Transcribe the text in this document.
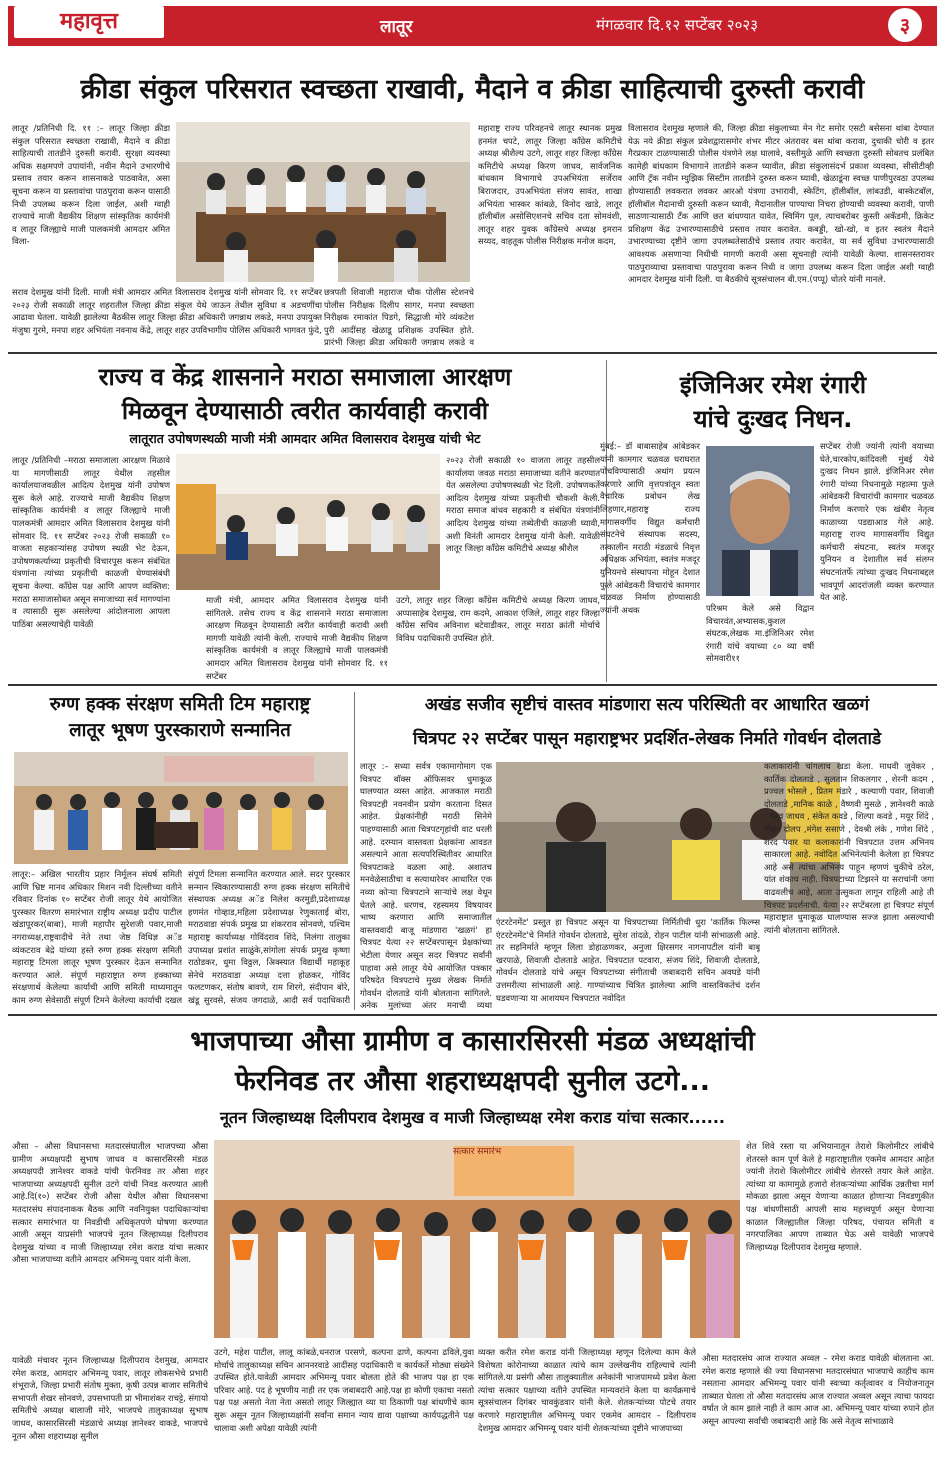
महावृत्त	लातूर	मंगळवार दि.१२ सप्टेंबर २०२३	३
क्रीडा संकुल परिसरात स्वच्छता राखावी, मैदाने व क्रीडा साहित्याची दुरुस्ती करावी
लातूर /प्रतिनिधी दि. ११ :– लातूर जिल्हा क्रीडा संकुल परिसरात स्वच्छता राखावी, मैदाने व क्रीडा साहित्याची तातडीने दुरुस्ती करावी. सुरक्षा व्यवस्था अधिक सक्षमपणे उपायांनी, नवीन मैदाने उभारणीचे प्रस्ताव तयार करून शासनाकडे पाठवावेत, असा सूचना करून या प्रस्तावांचा पाठपुरावा करून यासाठी निधी उपलब्ध करून दिला जाईल, अशी ग्वाही राज्याचे माजी वैद्यकीय शिक्षण सांस्कृतिक कार्यमंत्री व लातूर जिल्ह्याचे माजी पालकमंत्री आमदार अमित विला-
सराव देशमुख यांनी दिली. माजी मंत्री आमदार अमित विलासराव देशमुख यांनी सोमवार दि. ११ सप्टेंबर २०२३ रोजी सकाळी लातूर शहरातील जिल्हा क्रीडा संकुल येथे जाऊन तेथील सुविधा व अडचणींचा आढावा घेतला. यावेळी झालेल्या बैठकीस लातूर जिल्हा क्रीडा अधिकारी जगन्नाथ लकडे, मनपा उपायुक्त मंजुषा गुरमे, मनपा शहर अभियंता नवनाथ केंद्रे, लातूर शहर उपविभागीय पोलिस अधिकारी भागवत फुंदे,
छत्रपती शिवाजी महाराज चौक पोलीस स्टेशनचे पोलीस निरीक्षक दिलीप सागर, मनपा स्वच्छता निरीक्षक रमाकांत पिडगे, सिद्धाजी मोरे व्यंकटेश पुरी आदींसह खेळाडू प्रशिक्षक उपस्थित होते. प्रारंभी जिल्हा क्रीडा अधिकारी जगन्नाथ लकडे व
महाराष्ट्र राज्य परिवहनचे लातूर स्थानक प्रमुख हनमंत चपटे, लातूर जिल्हा काँग्रेस कमिटीचे अध्यक्ष श्रीशैल्य उटगे, लातूर शहर जिल्हा काँग्रेस कमिटीचे अध्यक्ष किरण जाधव, सार्वजनिक बांधकाम विभागाचे उपअभियंता सर्जेराव बिराजदार, उपअभियंता संजय सावंत, शाखा अभियंता भास्कर कांबळे, विनोद खाडे, लातूर हॉलीबॉल असोसिएशनचे सचिव दता सोमवंशी, लातूर शहर युवक काँग्रेसचे अध्यक्ष इमरान सय्यद, वाहतूक पोलीस निरीक्षक मनोज कदम,
विलासराव देशमुख म्हणाले की, जिल्हा क्रीडा संकुलाच्या मेन गेट समोर एसटी बसेसना थांबा देण्यात येऊ नये क्रीडा संकुल प्रवेशद्वारासमोर शंभर मीटर अंतरावर बस थांबा करावा, दुचाकी चोरी व इतर गैरप्रकार टाळण्यासाठी पोलीस यंत्रणेने लक्ष घालावे, वस्तीमुळे आणि स्वच्छता दुरुस्ती सोबतच प्रलंबित कामेही बांधकाम विभागाने तातडीने करून घ्यावीत, क्रीडा संकुलासंदर्भ प्रकाश व्यवस्था, सीसीटीव्ही आणि ट्रॅक नवीन म्युझिक सिस्टीम तातडीने दुरुस्त करून घ्यावी, खेळाडूंना स्वच्छ पाणीपुरवठा उपलब्ध होण्यासाठी लवकरात लवकर आरओ यंत्रणा उभारावी, स्केटिंग, हॉलीबॉल, लांबउडी, बास्केटबॉल, हॉलीबॉल मैदानाची दुरुस्ती करून घ्यावी, मैदानातील पाण्याचा निचरा होण्याची व्यवस्था करावी, पाणी साठणाऱ्यासाठी टँक आणि छत बांधण्यात यावेत, स्विमिंग पूल, त्याचबरोबर कुस्ती अकॅडमी, क्रिकेट प्रशिक्षण केंद्र उभारण्यासाठीचे प्रस्ताव तयार करावेत. कबड्डी, खो-खो, व इतर स्वतंत्र मैदाने उभारण्याच्या दृष्टीने जागा उपलब्धतेसाठीचे प्रस्ताव तयार करावेत, या सर्व सुविधा उभारण्यासाठी आवश्यक असणाऱ्या निधीची मागणी करावी असा सूचनाही त्यांनी यावेळी केल्या. शासनस्तरावर पाठपुराव्याचा प्रस्तावाचा पाठपुरावा करून निधी व जागा उपलब्ध करून दिला जाईल अशी ग्वाही आमदार देशमुख यांनी दिली. या बैठकीचे सूत्रसंचालन बी.एम.(पप्पू) धोतरे यांनी मानले.
राज्य व केंद्र शासनाने मराठा समाजाला आरक्षण
मिळवून देण्यासाठी त्वरीत कार्यवाही करावी
लातूरात उपोषणस्थळी माजी मंत्री आमदार अमित विलासराव देशमुख यांची भेट
लातूर /प्रतिनिधी –मराठा समाजाला आरक्षण मिळावे या मागणीसाठी लातूर येथील तहसील कार्यालयाजवळील आदित्य देशमुख यांनी उपोषण सुरू केले आहे. राज्याचे माजी वैद्यकीय शिक्षण सांस्कृतिक कार्यमंत्री व लातूर जिल्ह्याचे माजी पालकमंत्री आमदार अमित विलासराव देशमुख यांनी सोमवार दि. ११ सप्टेंबर २०२३ रोजी सकाळी १० वाजता सहकाऱ्यांसह उपोषण स्थळी भेट देऊन, उपोषणकर्त्याच्या प्रकृतीची विचारपूस करून संबंधित यंत्रणांना त्यांच्या प्रकृतीची काळजी घेण्यासंबंधी सूचना केल्या. काँग्रेस पक्ष आणि आपण व्यक्तिश: मराठा समाजासोबत असून समाजाच्या सर्व मागण्यांना व त्यासाठी सुरू असलेल्या आंदोलनाला आपला पाठिंबा असल्याचेही यावेळी
२०२३ रोजी सकाळी १० वाजता लातूर तहसील कार्यालया जवळ मराठा समाजाच्या वतीने करण्यात येत असलेल्या उपोषणस्थळी भेट दिली. उपोषणकर्ते आदित्य देशमुख यांच्या प्रकृतीची चौकशी केली. मराठा समाज बांधव सहकारी व संबंधित यंत्रणांनी आदित्य देशमुख यांच्या तब्येतीची काळजी घ्यावी, अशी विनंती आमदार देशमुख यांनी केली. यावेळी लातूर जिल्हा काँग्रेस कमिटीचे अध्यक्ष श्रीशैल
माजी मंत्री, आमदार अमित विलासराव देशमुख यांनी सांगितले. तसेच राज्य व केंद्र शासनाने मराठा समाजाला आरक्षण मिळवून देण्यासाठी त्वरीत कार्यवाही करावी अशी मागणी यावेळी त्यांनी केली. राज्याचे माजी वैद्यकीय शिक्षण सांस्कृतिक कार्यमंत्री व लातूर जिल्ह्याचे माजी पालकमंत्री आमदार अमित विलासराव देशमुख यांनी सोमवार दि. ११ सप्टेंबर
उटगे, लातूर शहर जिल्हा काँग्रेस कमिटीचे अध्यक्ष किरण जाधव, अप्पासाहेब देशमुख, राम कदमे, आकाश एंजिले, लातूर शहर जिल्हा काँग्रेस सचिव अविनाश बटेवाडीकर, लातूर मराठा क्रांती मोर्चाचे विविध पदाधिकारी उपस्थित होते.
इंजिनिअर रमेश रंगारी
यांचे दुःखद निधन.
मुंबई:– डॉ बाबासाहेब आंबेडकर यांनी कामगार चळवळ घराघरात पोचविण्यासाठी अथांग प्रयत्न करणारे आणि वृत्तपत्रांतून स्वतः वैचारिक प्रबोधन लेख लिहणार,महाराष्ट्र राज्य मागासवर्गीय विद्युत कर्मचारी संघटनेचे संस्थापक सदस्य, तत्कालीन मराठी मंडळाचे निवृत्त अधिक्षक अभियंता, स्वतंत्र मजदूर युनियनचे संस्थापना मोहून देशात फुले आंबेडकरी विचारांचे कामगार चळवळ निर्माण होण्यासाठी ज्यांनी अथक	परिश्रम केले असे विद्वान विचारवंत,अभ्यासक,कुशल संघटक,लेखक मा.इंजिनिअर रमेश रंगारी यांचे वयाच्या ८० व्या वर्षी सोमवारी११
सप्टेंबर रोजी ज्यांनी त्यांनी वयाच्या घेते,चारकोप,कांदिवली मुंबई येथे दुःखद निधन झाले. इंजिनिअर रमेश रंगारी यांच्या निधनामुळे महात्मा फुले आंबेडकरी विचारांची कामगार चळवळ निर्माण करणारे एक खंबीर नेतृत्व काळाच्या पडद्याआड गेले आहे. महाराष्ट्र राज्य मागासवर्गीय विद्युत कर्मचारी संघटना, स्वतंत्र मजदूर युनियन व देशातील सर्व संलग्न संघटनांतर्फे त्यांच्या दुःखद निधनाबद्दल भावपूर्ण आदरांजली व्यक्त करण्यात येत आहे.
रुग्ण हक्क संरक्षण समिती टिम महाराष्ट्र
लातूर भूषण पुरस्काराणे सन्मानित
लातूर:– अखिल भारतीय प्रहार निर्मूलन संघर्ष समिती आणि भ्रिष्ट मानव अधिकार मिशन नवी दिल्लीच्या वतीने रविवार दिनांक १० सप्टेंबर रोजी लातूर येथे आयोजित पुरस्कार वितरण समारंभात राष्ट्रीय अध्यक्ष प्रदीप पाटील खंडापूरकर(बाबा), माजी महापौर सुरेशजी पवार,माजी नगराध्यक्ष,राष्ट्रवादीचे नेते तथा जेष्ठ विधिज्ञ अॅड व्यंकटराव बेद्रे यांच्या हस्ते रुग्ण हक्क संरक्षण समिती महाराष्ट्र टिमला लातूर भूषण पुरस्कार देऊन सन्मानित करण्यात आले. संपूर्ण महाराष्ट्रात रुग्ण हक्काच्या संरक्षणार्थ केलेल्या कार्याची आणि समिती माध्यमातून काम रुग्ण सेवेसाठी संपूर्ण टिमने केलेल्या कार्याची दखल
संपूर्ण टिमला सन्मानित करण्यात आले. सदर पुरस्कार सन्मान स्विकारण्यासाठी रुग्ण हक्क संरक्षण समितीचे संस्थापक अध्यक्ष अॅड निलेश करमुडी,प्रदेशाध्यक्ष हणमंत गोव्हाड,महिला प्रदेशाध्यक्ष रेणुकाताई बोरा, मराठवाडा संपर्क प्रमुख प्रा शंकरराव सोनवणे, पश्चिम महाराष्ट्र कार्याध्यक्ष गोविंदराव शिंदे, निलंगा तालुका उपाध्यक्ष प्रशांत साळुंके,सांगोला संपर्क प्रमुख कृष्णा राठोडकर, धुमा विठ्ठल, अिक्स्यात विद्यार्थी महाकूह सेनेचे मराठवाडा अध्यक्ष दत्ता होळकर, गोविंद फलटणकर, संतोष बावणे, राम शिरगे, संदीपान बोरे, खंडू सुरवसे, संजय जगदाळे, आदी सर्व पदाधिकारी
अखंड सजीव सृष्टीचं वास्तव मांडणारा सत्य परिस्थिती वर आधारित खळगं
चित्रपट २२ सप्टेंबर पासून महाराष्ट्रभर प्रदर्शित-लेखक निर्माते गोवर्धन दोलताडे
लातूर :– सध्या सर्वत्र एकामागोमाग एक चित्रपट बॉक्स ऑफिसवर धुमाकूळ घालण्यात व्यस्त आहेत. आजकाल मराठी चित्रपटही नवनवीन प्रयोग करताना दिसत आहेत. प्रेक्षकांनीही मराठी सिनेमे पाहण्यासाठी आता चित्रपटगृहांची वाट धरली आहे. दरम्यान वास्तवता प्रेक्षकांना आवडत असल्याने आता सत्यपरिस्थितीवर आधारित चित्रपटाकडे वळला आहे. अशातच मनवेळेसाठीचा व सत्याधारेवर आधारित एक नव्या कोऱ्या चित्रपटाने साऱ्यांचे लक्ष वेधून घेतले आहे. धरणच, रहस्यमय विषयावर भाष्य करणारा आणि समाजातील वास्तववादी बाजू मांडणारा 'खळगं' हा चित्रपट येत्या २२ सप्टेंबरपासून प्रेक्षकांच्या भेटीला येणार असून सदर चित्रपट सर्वांनी पाहावा असे लातूर येथे आयोजित पत्रकार परिषदेत चित्रपटाचे मुख्य लेखक निर्माते गोवर्धन दोलताडे यांनी बोलताना सांगितले. अनेक मुलांच्या अंतर मनाची व्यथा
एंटरटेनमेंट' प्रस्तुत हा चित्रपट असून या चित्रपटाच्या निर्मितीची धुरा 'कार्तिक फिल्म्स एंटरटेनमेंट'चे निर्माते गोवर्धन दोलताडे, सुरेश तांदळे, रोहन पाटील यांनी सांभाळली आहे. तर सहनिर्माते म्हणून लिला डोहाळणकर, अनुजा क्षिरसगर नागनापटील यांनी बाबू खरपाळे, शिवाजी दोलताडे आहेत. चित्रपटात पटवारा, संजय शिंदे, शिवाजी दोलताडे, गोवर्धन दोलताडे यांचे असून चित्रपटाच्या संगीताची जबाबदारी सचिन अवघडे यांनी उत्तमरीत्या सांभाळली आहे. गाण्यांच्याच चित्रित झालेल्या आणि वास्तविकतेचं दर्शन घडवणाऱ्या या आशयघन चित्रपटात नवोदित
कलाकारांनी चांगलाच खडा केला. माधवी जुवेकर , कार्तिक दोलताडे , सुलतान शिकलगार , शेरनी कदम , प्रज्वल भोसले , प्रितम मंडारे , कल्याणी पवार, शिवाजी दोलताडे ,मानिक काळे , वैष्णवी मुसळे , ज्ञानेश्वरी काळे , भैरव जाधव , संकेत कवडे , शिल्पा कवडे , मयूर शिंदे , मोहन दोलप ,मंगेश ससाणे , देवश्री लंके , गणेश शिंदे , शरद पवार या कलाकारांनी चित्रपटात उत्तम अभिनय साकारला आहे. नवोदित अभिनेत्यांनी केलेला हा चित्रपट आहे असे त्यांचा अभिनय पाहून म्हणणं चुकीचे ठरेल, यांत शंकाच नाही. चित्रपटाच्या टिझरने या सराचांनी जगा वाढवलीच आहे, आता उत्सुकता लागून राहिली आहे ती चित्रपट प्रदर्शनाची. येत्या २२ सप्टेंबरला हा चित्रपट संपूर्ण महाराष्ट्रात धुमाकूळ घालण्यास सज्ज झाला असल्याची त्यांनी बोलताना सांगितले.
भाजपाच्या औसा ग्रामीण व कासारसिरसी मंडळ अध्यक्षांची
फेरनिवड तर औसा शहराध्यक्षपदी सुनील उटगे...
नूतन जिल्हाध्यक्ष दिलीपराव देशमुख व माजी जिल्हाध्यक्ष रमेश कराड यांचा सत्कार......
औसा – औसा विधानसभा मतदारसंघातील भाजपच्या औसा ग्रामीण अध्यक्षपदी सुभाष जाधव व कासारसिरसी मंडळ अध्यक्षपदी ज्ञानेश्वर वाकडे यांची फेरनिवड तर औसा शहर भाजपाच्या अध्यक्षपदी सुनील उटगे यांची निवड करण्यात आली आहे.दि(१०) सप्टेंबर रोजी औसा येथील औसा विधानसभा मतदारसंघ संपादनाकक बैठक आणि नवनियुक्त पदाधिकाऱ्यांचा सत्कार समारंभात या निवडीची अधिकृतपणे घोषणा करण्यात आली असून याप्रसंगी भाजपचे नूतन जिल्हाध्यक्ष दिलीपराव देशमुख यांच्या व माजी जिल्हाध्यक्ष रमेश कराड यांचा सत्कार औसा भाजपाच्या वतीने आमदार अभिमन्यू पवार यांनी केला.
यावेळी मंचावर नूतन जिल्हाध्यक्ष दिलीपराव देशमुख, आमदार रमेश कराड, आमदार अभिमन्यू पवार, लातूर लोकसभेचे प्रभारी शंभूराजे, जिल्हा प्रभारी संतोष मुक्ता, कृषी उत्पन्न बाजार समितीचे सभापती शेखर सोनवणे, उपसभापती प्रा भीमाशंकर राचट्टे, संगायो समितीचे अध्यक्ष बालाजी मोरे, भाजपचे तालुकाध्यक्ष सुभाष जाधव, कासारसिरसी मंडळाचे अध्यक्ष ज्ञानेश्वर वाकडे, भाजपचे नूतन औसा शहराध्यक्ष सुनील
सत्कार समारंभ
उटगे, महेश पाटील, लालू कांबळे,धनराज परसणे, कल्पना ढाणे, कल्पना ढविले,युवा मोर्चाचे तालुकाध्यक्ष सचिन आननरवाडे आदींसह पदाधिकारी व कार्यकर्ते मोठ्या संख्येने उपस्थित होते.यावेळी आमदार अभिमन्यू पवार बोलता होते की भाजप पक्ष हा एक परिवार आहे. पद हे भूषणीय नाही तर एक जबाबदारी आहे.पक्ष हा कोणी एकाचा नसतो पक्ष पक्ष असतो नेता नेता असतो लातूर जिल्ह्यात व्या या ठिकाणी पक्ष बांधणीचे काम सुरू असून नूतन जिल्हाध्यक्षांनी सर्वांना समान न्याय द्यावा पक्षाच्या कार्यपद्धतीने पक्ष चालावा अशी अपेक्षा यावेळी त्यांनी
व्यक्त करीत रमेश कराड यांनी जिल्हाध्यक्ष म्हणून दिलेल्या काम केले विशेषता कोरोनाच्या काळात त्यांचे काम उल्लेखनीय राहिल्याचे त्यांनी सांगितले.या प्रसंगी औसा तालुक्यातील अनेकांनी भाजपामध्ये प्रवेश केला त्यांचा सत्कार पक्षाच्या वतीने उपस्थित मान्यवरांने केला या कार्यक्रमाचे सूत्रसंचालन दिगंबर चावकुंडवार यांनी केले. शेतकऱ्यांच्या पोटचे तयार करणारे महाराष्ट्रातील अभिमन्यू पवार एकमेव आमदार – दिलीपराव देशमुख आमदार अभिमन्यू पवार यांनी शेतकऱ्यांच्या दृष्टीने भाजपाच्या
शेत शिवे रस्ता या अभियानातून तेराशे किलोमीटर लांबीचे शेतरस्ते काम पूर्ण केले हे महाराष्ट्रातील एकमेव आमदार आहेत ज्यांनी तेराशे किलोमीटर लांबीचे शेतरस्ते तयार केले आहेत. त्यांच्या या कामामुळे हजारो शेतकऱ्यांच्या आर्थिक उन्नतीचा मार्ग मोकळा झाला असून येणाऱ्या काळात होणाऱ्या निवडणुकीत पक्ष बांधणीसाठी आपली साथ महत्त्वपूर्ण असून येणाऱ्या काळात जिल्ह्यातील जिल्हा परिषद, पंचायत समिती व नगरपालिका आपण ताब्यात घेऊ असे यावेळी भाजपचे जिल्हाध्यक्ष दिलीपराव देशमुख म्हणाले.
औसा मतदारसंघ आज राज्यात अव्वल – रमेश कराड यावेळी बोलताना आ. रमेश कराड म्हणाले की ज्या विधानसभा मतदारसंघात भाजपाचे काहीच काम नसताना आमदार अभिमन्यू पवार यांनी स्वःच्या कर्तृत्वावर व नियोजनातून ताब्यात घेतला तो औसा मतदारसंघ आज राज्यात अव्वल असून त्याचा फायदा वर्षात जे काम झाले नाही ते काम आज आ. अभिमन्यू पवार यांच्या रुपाने होत असून आपल्या सर्वांची जबाबदारी आहे कि असे नेतृत्व सांभाळावे
